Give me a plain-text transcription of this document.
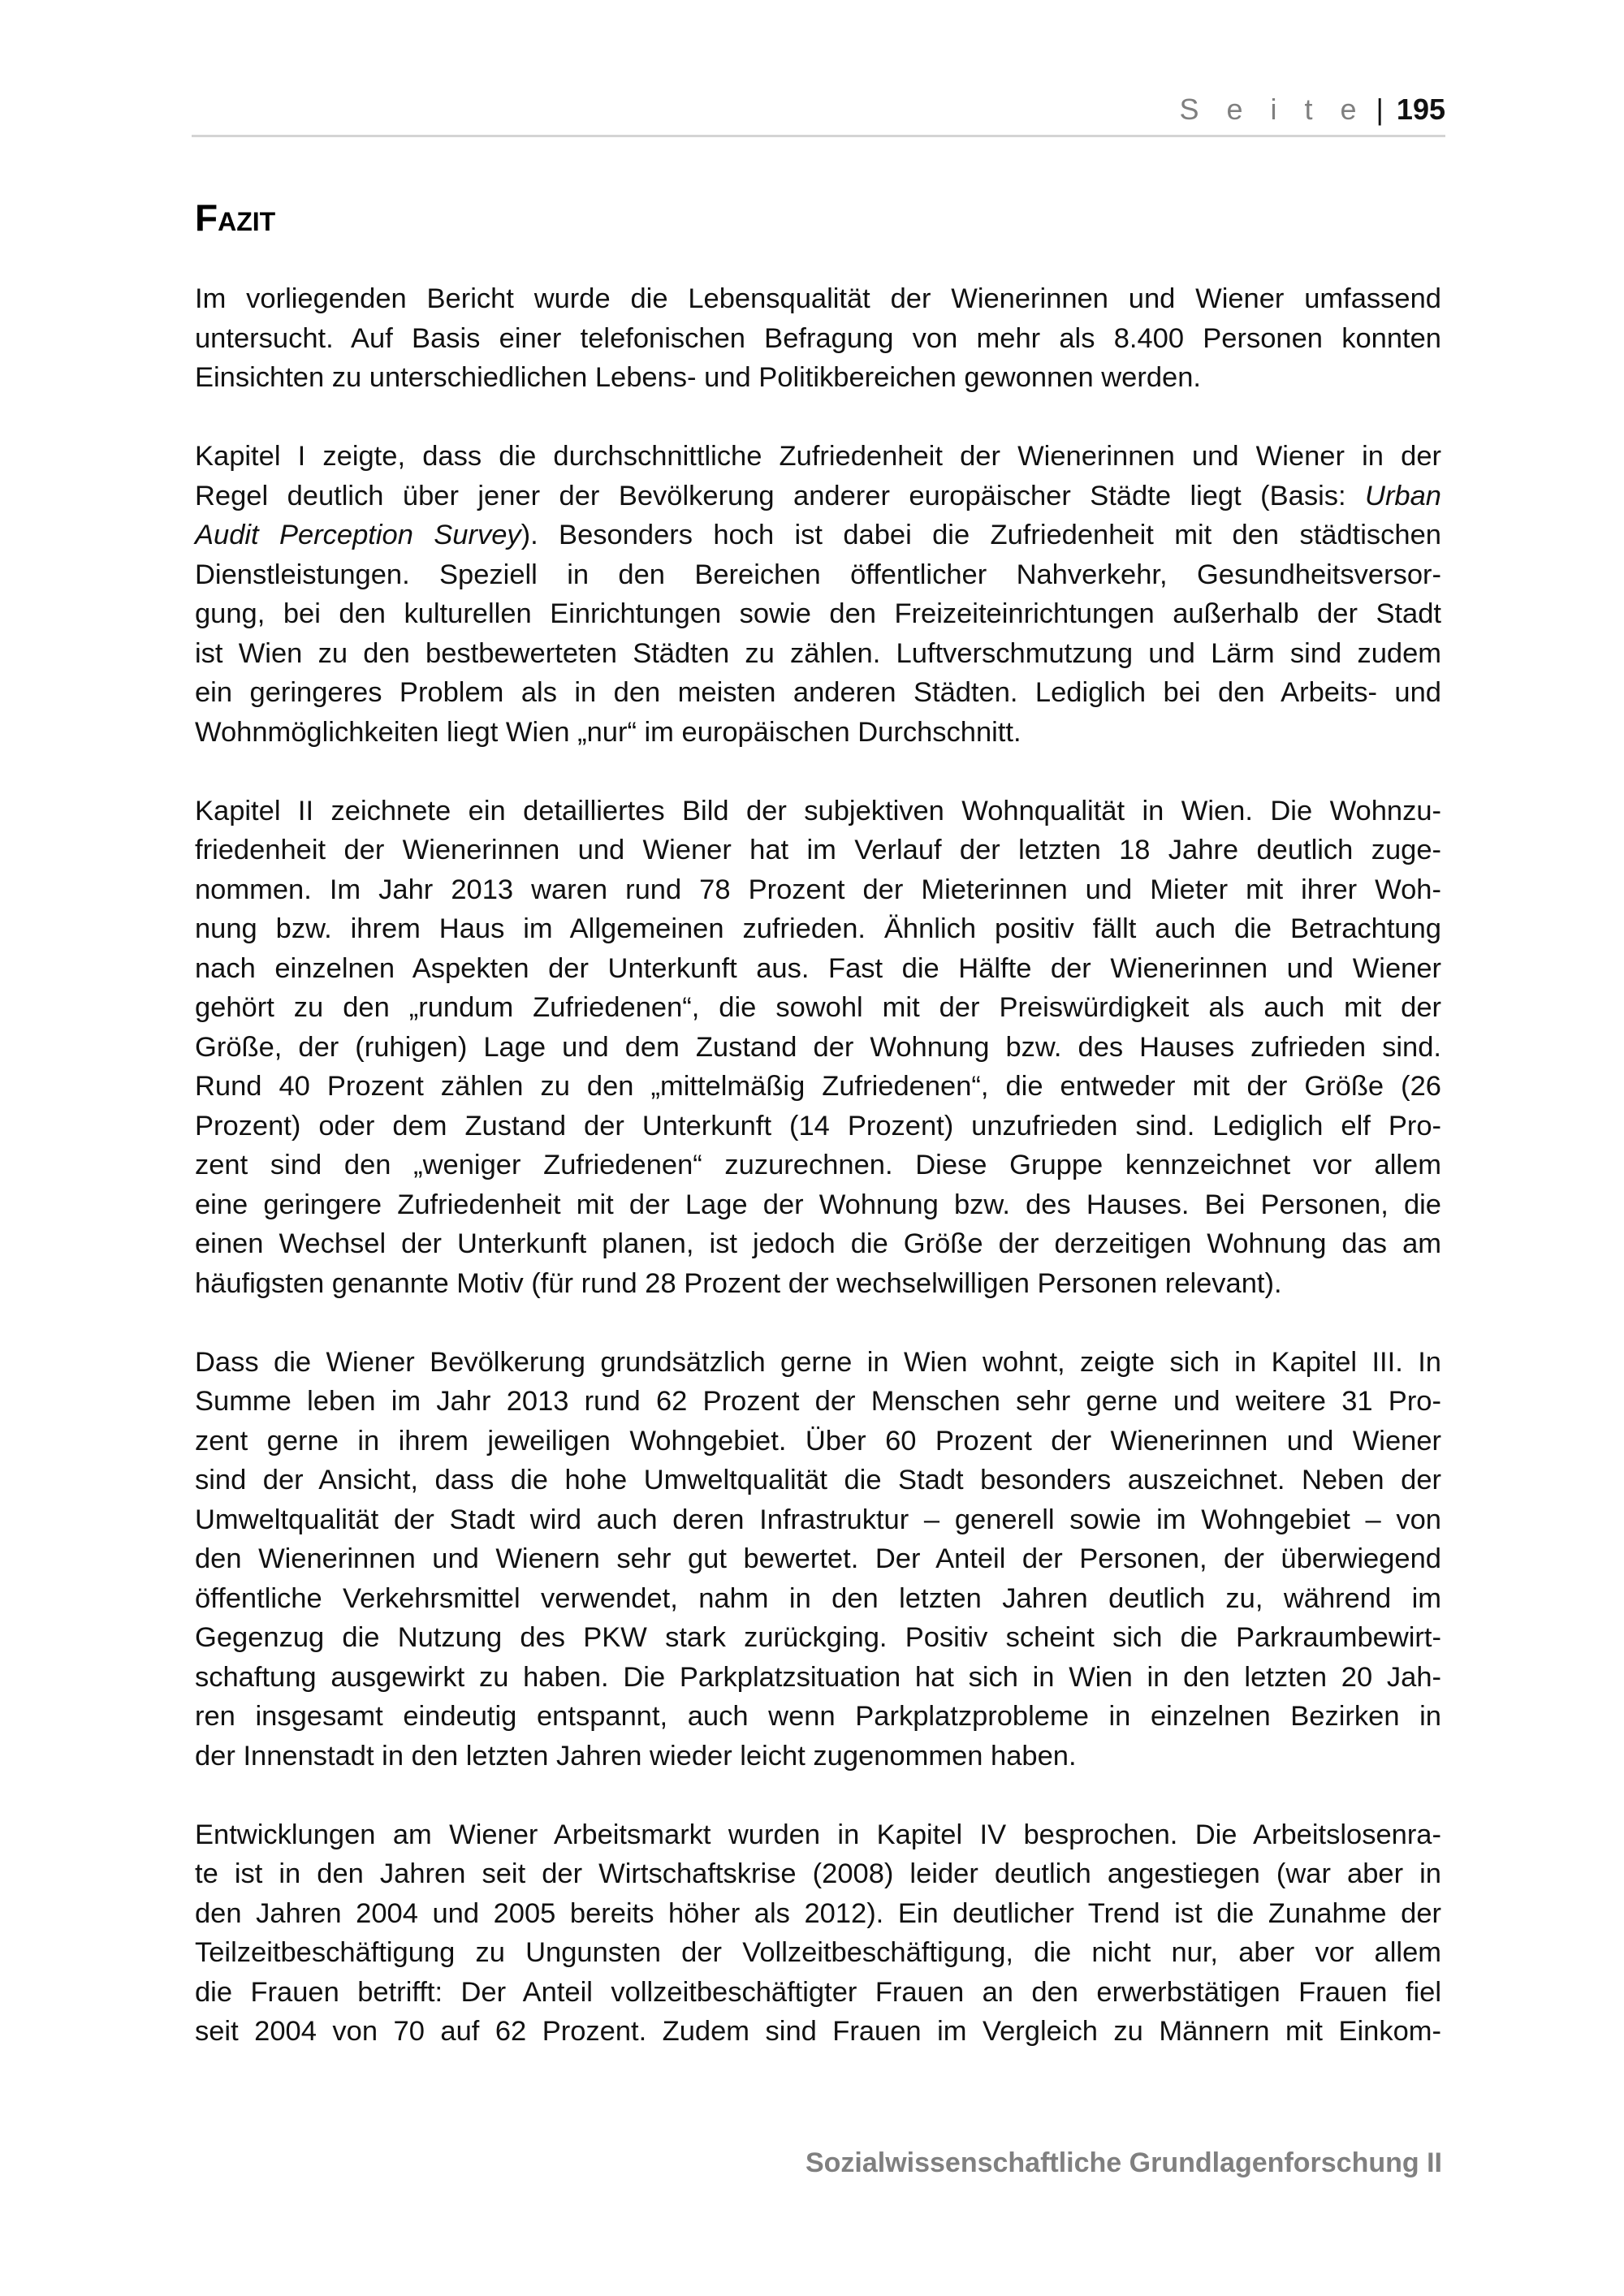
S e i t e | 195
Fazit
Im vorliegenden Bericht wurde die Lebensqualität der Wienerinnen und Wiener umfassend
untersucht. Auf Basis einer telefonischen Befragung von mehr als 8.400 Personen konnten
Einsichten zu unterschiedlichen Lebens- und Politikbereichen gewonnen werden.
Kapitel I zeigte, dass die durchschnittliche Zufriedenheit der Wienerinnen und Wiener in der
Regel deutlich über jener der Bevölkerung anderer europäischer Städte liegt (Basis: Urban
Audit Perception Survey). Besonders hoch ist dabei die Zufriedenheit mit den städtischen
Dienstleistungen. Speziell in den Bereichen öffentlicher Nahverkehr, Gesundheitsversor-
gung, bei den kulturellen Einrichtungen sowie den Freizeiteinrichtungen außerhalb der Stadt
ist Wien zu den bestbewerteten Städten zu zählen. Luftverschmutzung und Lärm sind zudem
ein geringeres Problem als in den meisten anderen Städten. Lediglich bei den Arbeits- und
Wohnmöglichkeiten liegt Wien „nur“ im europäischen Durchschnitt.
Kapitel II zeichnete ein detailliertes Bild der subjektiven Wohnqualität in Wien. Die Wohnzu-
friedenheit der Wienerinnen und Wiener hat im Verlauf der letzten 18 Jahre deutlich zuge-
nommen. Im Jahr 2013 waren rund 78 Prozent der Mieterinnen und Mieter mit ihrer Woh-
nung bzw. ihrem Haus im Allgemeinen zufrieden. Ähnlich positiv fällt auch die Betrachtung
nach einzelnen Aspekten der Unterkunft aus. Fast die Hälfte der Wienerinnen und Wiener
gehört zu den „rundum Zufriedenen“, die sowohl mit der Preiswürdigkeit als auch mit der
Größe, der (ruhigen) Lage und dem Zustand der Wohnung bzw. des Hauses zufrieden sind.
Rund 40 Prozent zählen zu den „mittelmäßig Zufriedenen“, die entweder mit der Größe (26
Prozent) oder dem Zustand der Unterkunft (14 Prozent) unzufrieden sind. Lediglich elf Pro-
zent sind den „weniger Zufriedenen“ zuzurechnen. Diese Gruppe kennzeichnet vor allem
eine geringere Zufriedenheit mit der Lage der Wohnung bzw. des Hauses. Bei Personen, die
einen Wechsel der Unterkunft planen, ist jedoch die Größe der derzeitigen Wohnung das am
häufigsten genannte Motiv (für rund 28 Prozent der wechselwilligen Personen relevant).
Dass die Wiener Bevölkerung grundsätzlich gerne in Wien wohnt, zeigte sich in Kapitel III. In
Summe leben im Jahr 2013 rund 62 Prozent der Menschen sehr gerne und weitere 31 Pro-
zent gerne in ihrem jeweiligen Wohngebiet. Über 60 Prozent der Wienerinnen und Wiener
sind der Ansicht, dass die hohe Umweltqualität die Stadt besonders auszeichnet. Neben der
Umweltqualität der Stadt wird auch deren Infrastruktur – generell sowie im Wohngebiet – von
den Wienerinnen und Wienern sehr gut bewertet. Der Anteil der Personen, der überwiegend
öffentliche Verkehrsmittel verwendet, nahm in den letzten Jahren deutlich zu, während im
Gegenzug die Nutzung des PKW stark zurückging. Positiv scheint sich die Parkraumbewirt-
schaftung ausgewirkt zu haben. Die Parkplatzsituation hat sich in Wien in den letzten 20 Jah-
ren insgesamt eindeutig entspannt, auch wenn Parkplatzprobleme in einzelnen Bezirken in
der Innenstadt in den letzten Jahren wieder leicht zugenommen haben.
Entwicklungen am Wiener Arbeitsmarkt wurden in Kapitel IV besprochen. Die Arbeitslosenra-
te ist in den Jahren seit der Wirtschaftskrise (2008) leider deutlich angestiegen (war aber in
den Jahren 2004 und 2005 bereits höher als 2012). Ein deutlicher Trend ist die Zunahme der
Teilzeitbeschäftigung zu Ungunsten der Vollzeitbeschäftigung, die nicht nur, aber vor allem
die Frauen betrifft: Der Anteil vollzeitbeschäftigter Frauen an den erwerbstätigen Frauen fiel
seit 2004 von 70 auf 62 Prozent. Zudem sind Frauen im Vergleich zu Männern mit Einkom-
Sozialwissenschaftliche Grundlagenforschung II
